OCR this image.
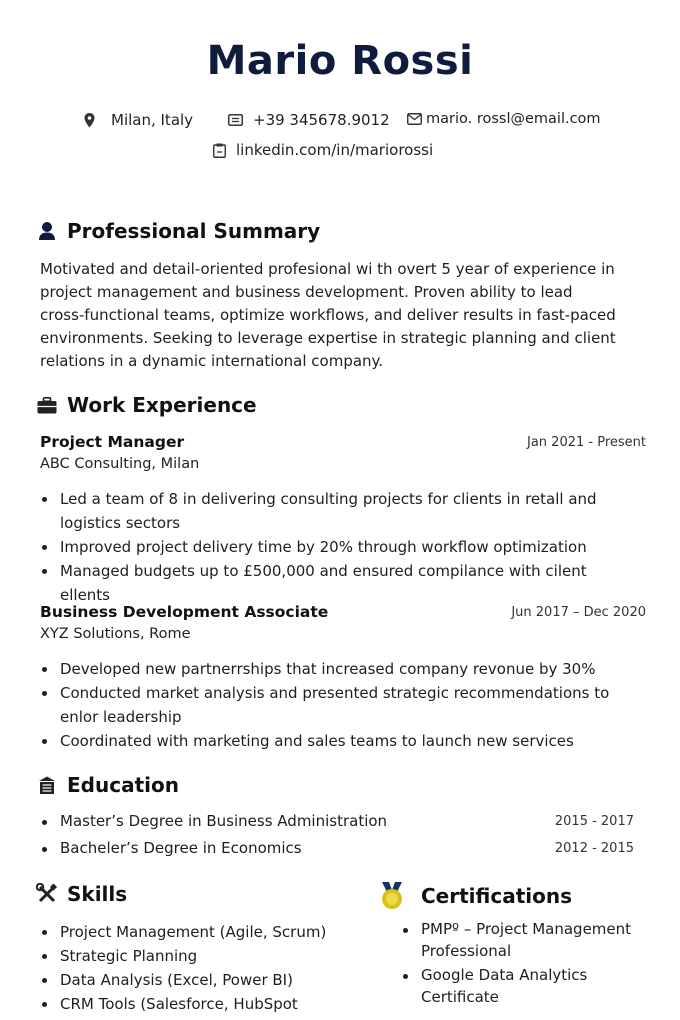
Mario Rossi
Milan, Italy	+39 345678.9012	mario. rossl@email.com
linkedin.com/in/mariorossi
Professional Summary
Motivated and detail-oriented profesional wi th overt 5 year of experience in project management and business development. Proven ability to lead cross-functional teams, optimize workflows, and deliver results in fast-paced environments. Seeking to leverage expertise in strategic planning and client relations in a dynamic international company.
Work Experience
Project Manager	Jan 2021 - Present
ABC Consulting, Milan
Led a team of 8 in delivering consulting projects for clients in retall and logistics sectors
Improved project delivery time by 20% through workflow optimization
Managed budgets up to £500,000 and ensured compilance with cilent ellents
Business Development Associate	Jun 2017 – Dec 2020
XYZ Solutions, Rome
Developed new partnerrships that increased company revonue by 30%
Conducted market analysis and presented strategic recommendations to enlor leadership
Coordinated with marketing and sales teams to launch new services
Education
Master’s Degree in Business Administration	2015 - 2017
Bacheler’s Degree in Economics	2012 - 2015
Skills
Project Management (Agile, Scrum)
Strategic Planning
Data Analysis (Excel, Power BI)
CRM Tools (Salesforce, HubSpot
Certifications
PMPº – Project Management Professional
Google Data Analytics Certificate
